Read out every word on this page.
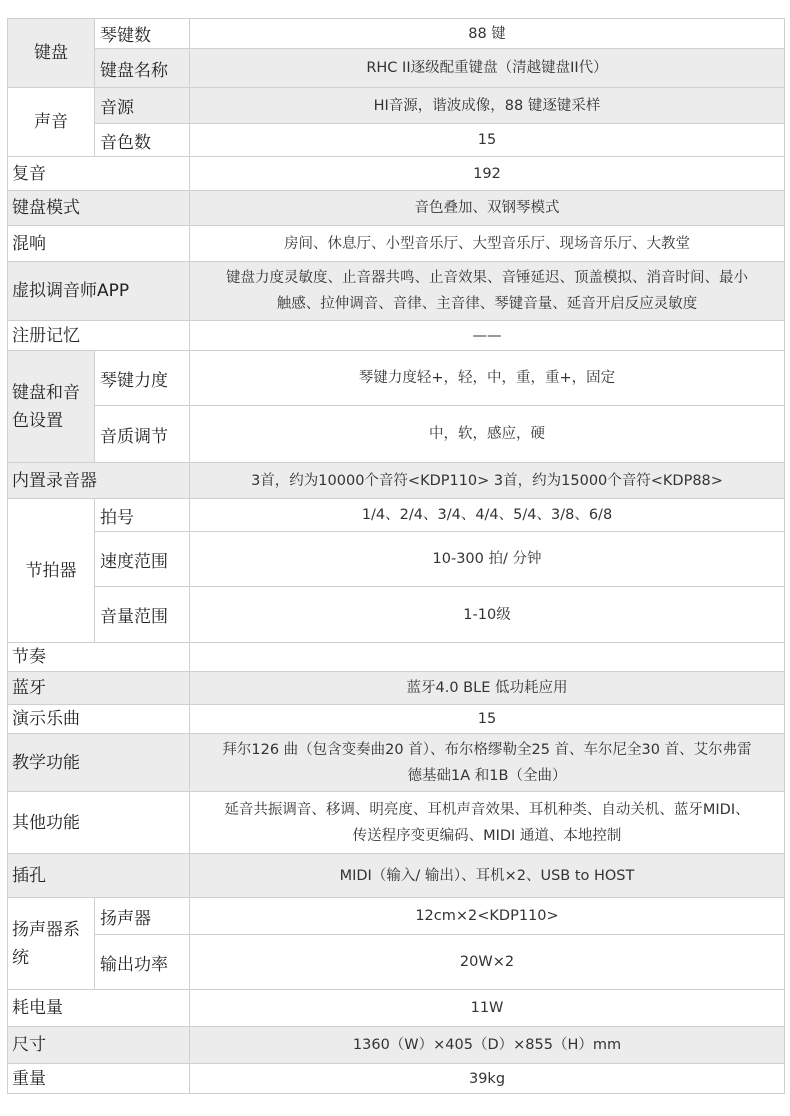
键盘	琴键数	88 键
	键盘名称	RHC II逐级配重键盘（清越键盘II代）
声音	音源	HI音源，谐波成像，88 键逐键采样
	音色数	15
复音		192
键盘模式		音色叠加、双钢琴模式
混响		房间、休息厅、小型音乐厅、大型音乐厅、现场音乐厅、大教堂
虚拟调音师APP		键盘力度灵敏度、止音器共鸣、止音效果、音锤延迟、顶盖模拟、消音时间、最小
触感、拉伸调音、音律、主音律、琴键音量、延音开启反应灵敏度

注册记忆		——

键盘和音
色设置	琴键力度	琴键力度轻+，轻，中，重，重+，固定
	音质调节	中，软，感应，硬
内置录音器		3首，约为10000个音符<KDP110> 3首，约为15000个音符<KDP88>
节拍器	拍号	1/4、2/4、3/4、4/4、5/4、3/8、6/8
	速度范围	10-300 拍/ 分钟
	音量范围	1-10级
节奏		
蓝牙		蓝牙4.0 BLE 低功耗应用
演示乐曲		15
教学功能		拜尔126 曲（包含变奏曲20 首）、布尔格缪勒全25 首、车尔尼全30 首、艾尔弗雷
德基础1A 和1B（全曲）

其他功能		延音共振调音、移调、明亮度、耳机声音效果、耳机种类、自动关机、蓝牙MIDI、
传送程序变更编码、MIDI 通道、本地控制

插孔		MIDI（输入/ 输出）、耳机×2、USB to HOST

扬声器系
统	扬声器	12cm×2<KDP110>
	输出功率	20W×2
耗电量		11W
尺寸		1360（W）×405（D）×855（H）mm
重量		39kg
